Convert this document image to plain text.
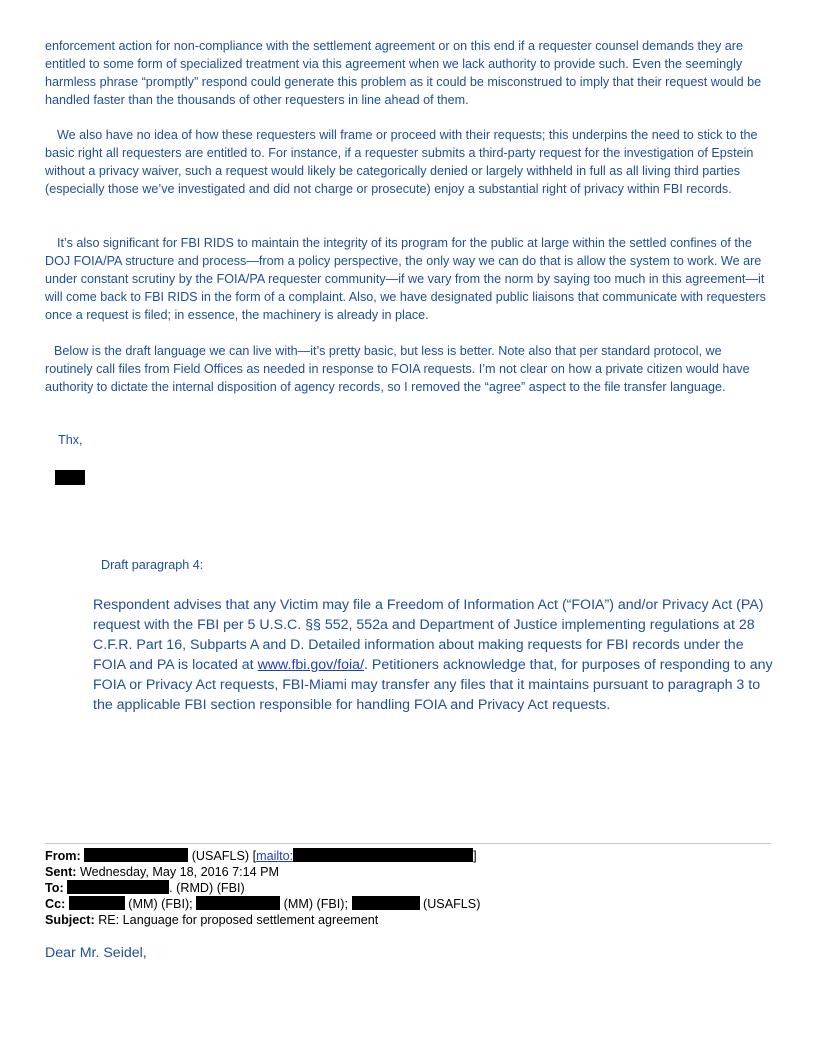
enforcement action for non-compliance with the settlement agreement or on this end if a requester counsel demands they are entitled to some form of specialized treatment via this agreement when we lack authority to provide such. Even the seemingly harmless phrase “promptly” respond could generate this problem as it could be misconstrued to imply that their request would be handled faster than the thousands of other requesters in line ahead of them.

We also have no idea of how these requesters will frame or proceed with their requests; this underpins the need to stick to the basic right all requesters are entitled to. For instance, if a requester submits a third-party request for the investigation of Epstein without a privacy waiver, such a request would likely be categorically denied or largely withheld in full as all living third parties (especially those we’ve investigated and did not charge or prosecute) enjoy a substantial right of privacy within FBI records.

It’s also significant for FBI RIDS to maintain the integrity of its program for the public at large within the settled confines of the DOJ FOIA/PA structure and process—from a policy perspective, the only way we can do that is allow the system to work. We are under constant scrutiny by the FOIA/PA requester community—if we vary from the norm by saying too much in this agreement—it will come back to FBI RIDS in the form of a complaint. Also, we have designated public liaisons that communicate with requesters once a request is filed; in essence, the machinery is already in place.

Below is the draft language we can live with—it’s pretty basic, but less is better. Note also that per standard protocol, we routinely call files from Field Offices as needed in response to FOIA requests. I’m not clear on how a private citizen would have authority to dictate the internal disposition of agency records, so I removed the “agree” aspect to the file transfer language.

Thx,
Draft paragraph 4:

Respondent advises that any Victim may file a Freedom of Information Act (“FOIA”) and/or Privacy Act (PA) request with the FBI per 5 U.S.C. §§ 552, 552a and Department of Justice implementing regulations at 28 C.F.R. Part 16, Subparts A and D. Detailed information about making requests for FBI records under the FOIA and PA is located at www.fbi.gov/foia/. Petitioners acknowledge that, for purposes of responding to any FOIA or Privacy Act requests, FBI-Miami may transfer any files that it maintains pursuant to paragraph 3 to the applicable FBI section responsible for handling FOIA and Privacy Act requests.

From:	(USAFLS) [mailto:	]
Sent: Wednesday, May 18, 2016 7:14 PM
To:	. (RMD) (FBI)
Cc:	(MM) (FBI);	(MM) (FBI);	(USAFLS)
Subject: RE: Language for proposed settlement agreement
Dear Mr. Seidel,
